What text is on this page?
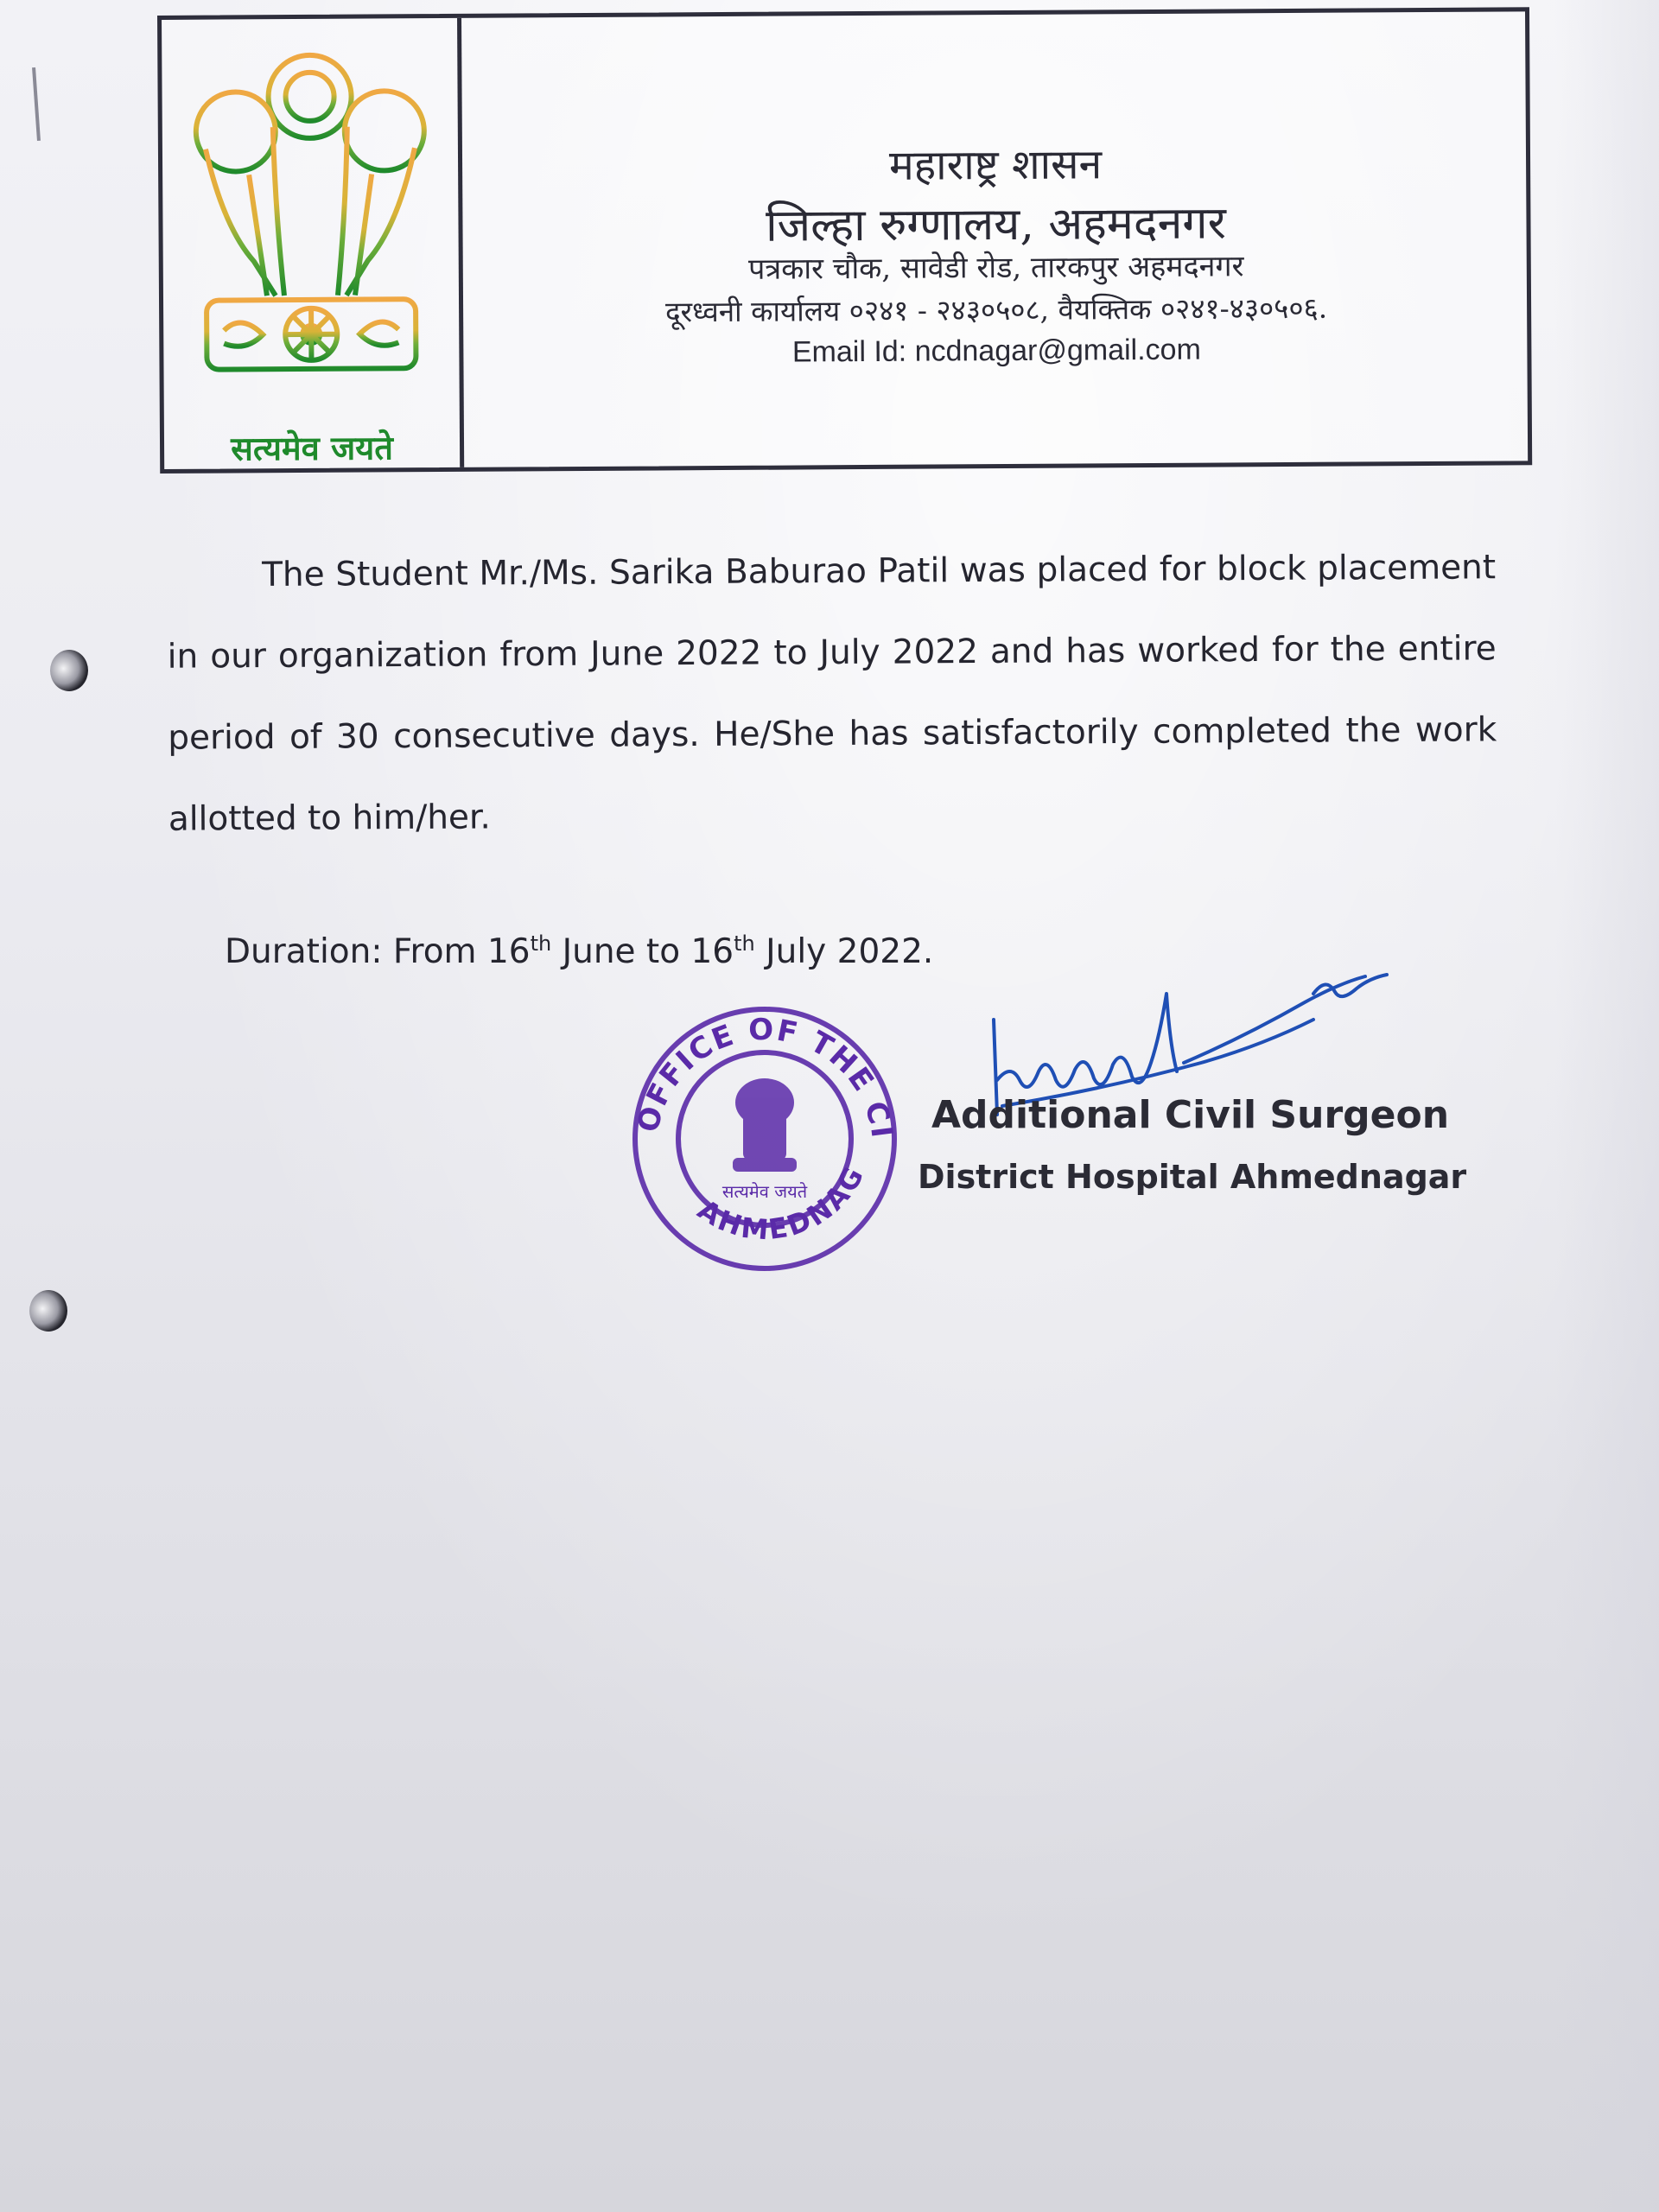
सत्यमेव जयते
महाराष्ट्र शासन
जिल्हा रुग्णालय, अहमदनगर
पत्रकार चौक, सावेडी रोड, तारकपुर अहमदनगर
दूरध्वनी कार्यालय ०२४१ - २४३०५०८, वैयक्तिक ०२४१-४३०५०६.
Email Id: ncdnagar@gmail.com
The Student Mr./Ms. Sarika Baburao Patil was placed for block placement in our organization from June 2022 to July 2022 and has worked for the entire period of 30 consecutive days. He/She has satisfactorily completed the work allotted to him/her.
Duration: From 16th June to 16th July 2022.
OFFICE OF THE CI
AHMEDNAG
सत्यमेव जयते
Additional Civil Surgeon
District Hospital Ahmednagar
